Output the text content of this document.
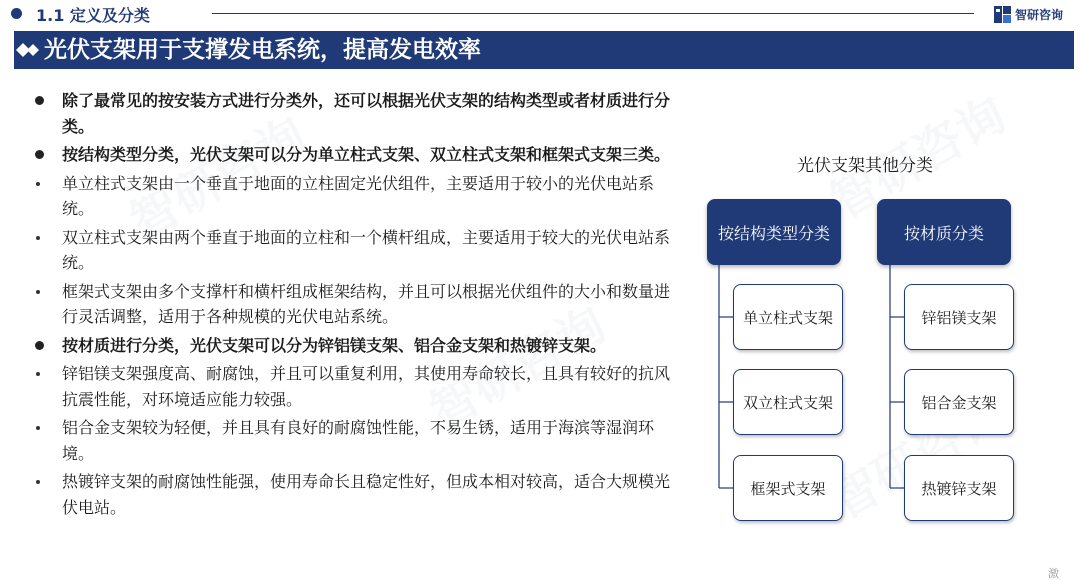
1.1 定义及分类	智研咨询
光伏支架用于支撑发电系统，提高发电效率
除了最常见的按安装方式进行分类外，还可以根据光伏支架的结构类型或者材质进行分类。
按结构类型分类，光伏支架可以分为单立柱式支架、双立柱式支架和框架式支架三类。
单立柱式支架由一个垂直于地面的立柱固定光伏组件，主要适用于较小的光伏电站系统。
双立柱式支架由两个垂直于地面的立柱和一个横杆组成，主要适用于较大的光伏电站系统。
框架式支架由多个支撑杆和横杆组成框架结构，并且可以根据光伏组件的大小和数量进行灵活调整，适用于各种规模的光伏电站系统。
按材质进行分类，光伏支架可以分为锌铝镁支架、铝合金支架和热镀锌支架。
锌铝镁支架强度高、耐腐蚀，并且可以重复利用，其使用寿命较长，且具有较好的抗风抗震性能，对环境适应能力较强。
铝合金支架较为轻便，并且具有良好的耐腐蚀性能，不易生锈，适用于海滨等湿润环境。
热镀锌支架的耐腐蚀性能强，使用寿命长且稳定性好，但成本相对较高，适合大规模光伏电站。
光伏支架其他分类
按结构类型分类	按材质分类
单立柱式支架
双立柱式支架
框架式支架
锌铝镁支架
铝合金支架
热镀锌支架
激
